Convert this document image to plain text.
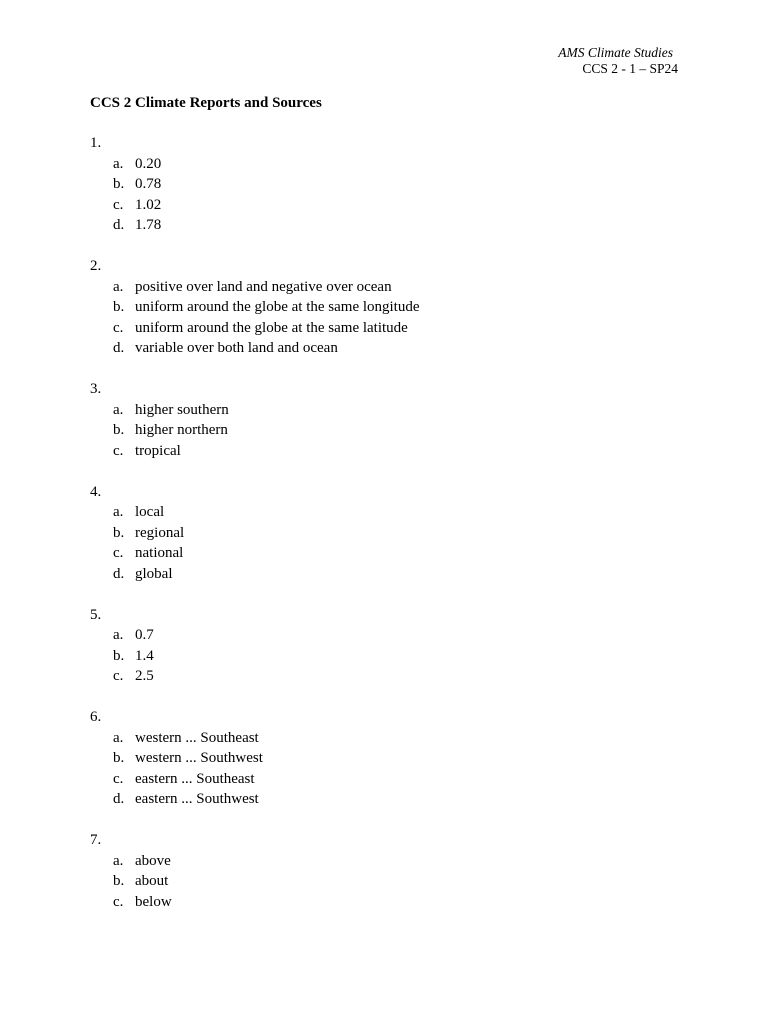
AMS Climate Studies
CCS 2 - 1 – SP24
CCS 2 Climate Reports and Sources
1.
a. 0.20
b. 0.78
c. 1.02
d. 1.78
2.
a. positive over land and negative over ocean
b. uniform around the globe at the same longitude
c. uniform around the globe at the same latitude
d. variable over both land and ocean
3.
a. higher southern
b. higher northern
c. tropical
4.
a. local
b. regional
c. national
d. global
5.
a. 0.7
b. 1.4
c. 2.5
6.
a. western ... Southeast
b. western ... Southwest
c. eastern ... Southeast
d. eastern ... Southwest
7.
a. above
b. about
c. below
